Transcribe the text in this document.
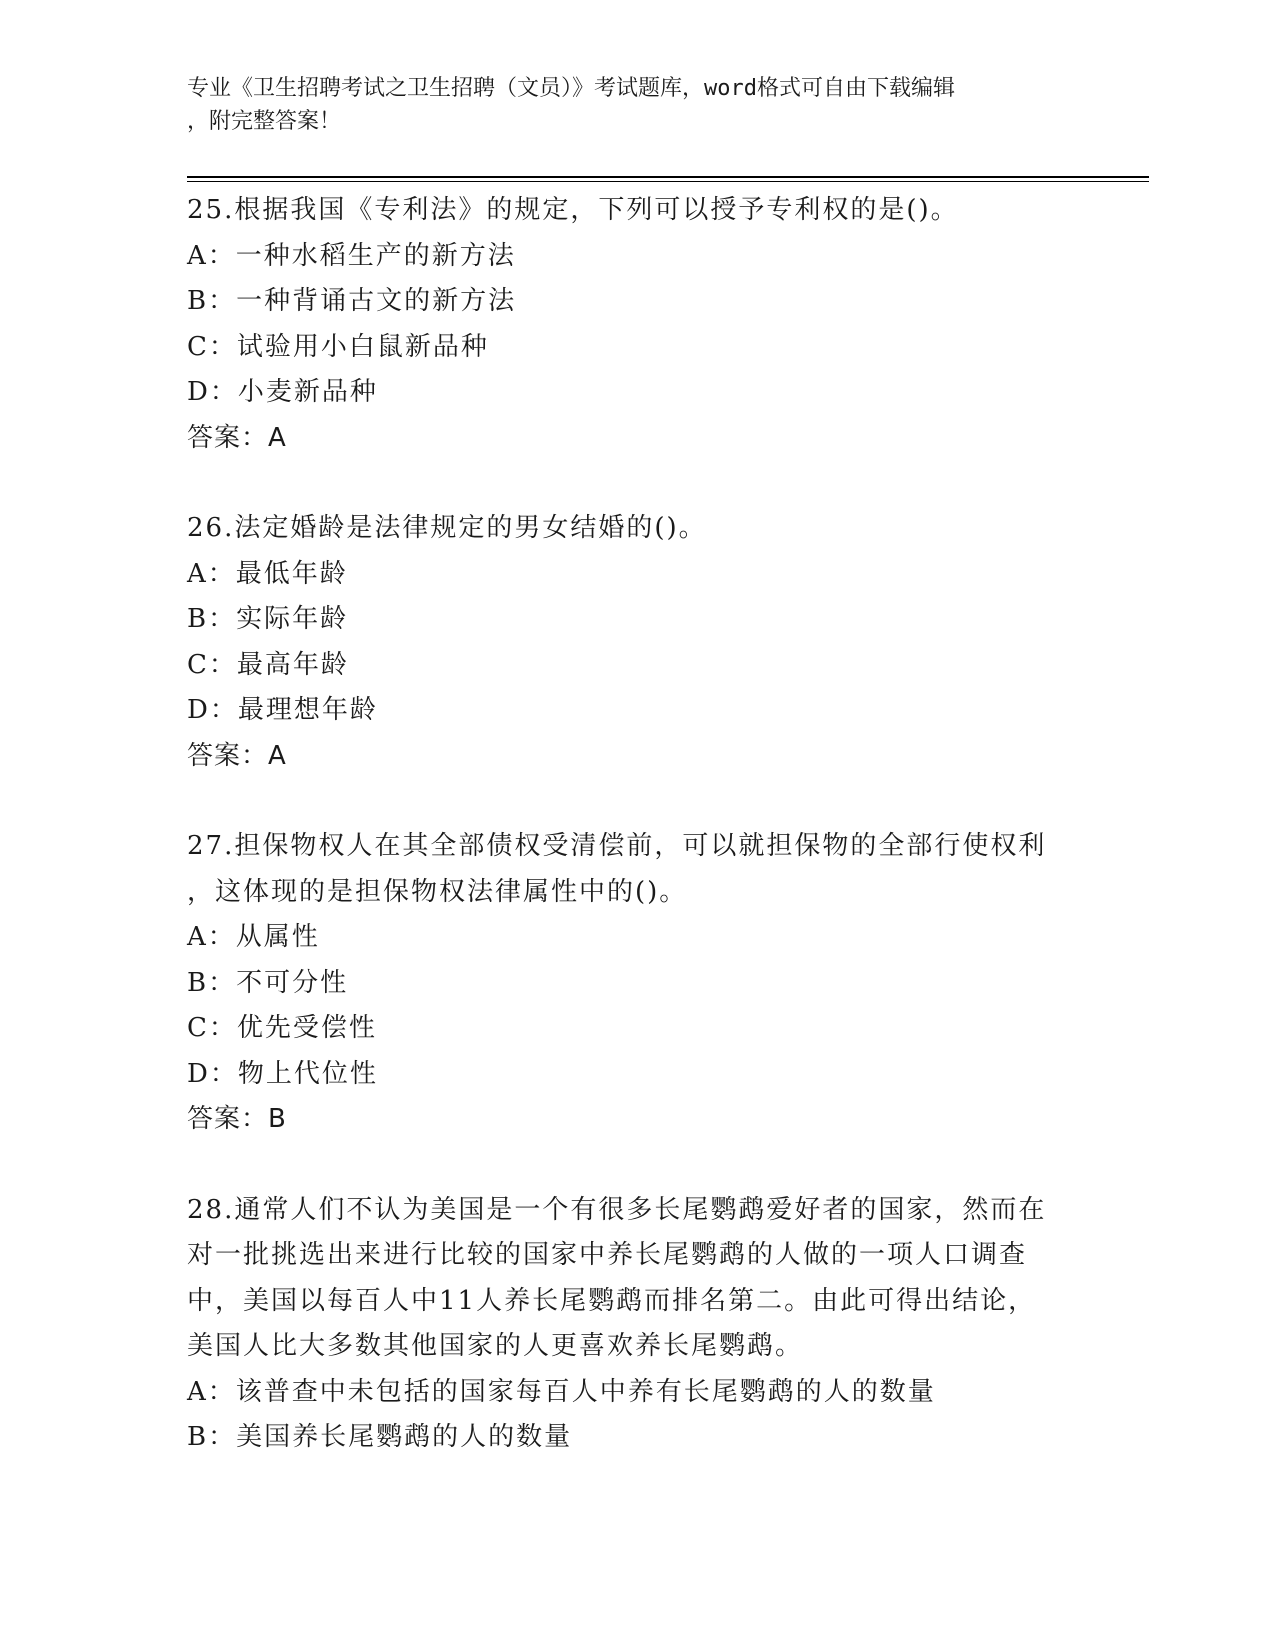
专业《卫生招聘考试之卫生招聘（文员）》考试题库，word格式可自由下载编辑
，附完整答案！
25.根据我国《专利法》的规定，下列可以授予专利权的是()。
A：一种水稻生产的新方法
B：一种背诵古文的新方法
C：试验用小白鼠新品种
D：小麦新品种
答案：A
26.法定婚龄是法律规定的男女结婚的()。
A：最低年龄
B：实际年龄
C：最高年龄
D：最理想年龄
答案：A
27.担保物权人在其全部债权受清偿前，可以就担保物的全部行使权利
，这体现的是担保物权法律属性中的()。
A：从属性
B：不可分性
C：优先受偿性
D：物上代位性
答案：B
28.通常人们不认为美国是一个有很多长尾鹦鹉爱好者的国家，然而在
对一批挑选出来进行比较的国家中养长尾鹦鹉的人做的一项人口调查
中，美国以每百人中11人养长尾鹦鹉而排名第二。由此可得出结论，
美国人比大多数其他国家的人更喜欢养长尾鹦鹉。
A：该普查中未包括的国家每百人中养有长尾鹦鹉的人的数量
B：美国养长尾鹦鹉的人的数量
